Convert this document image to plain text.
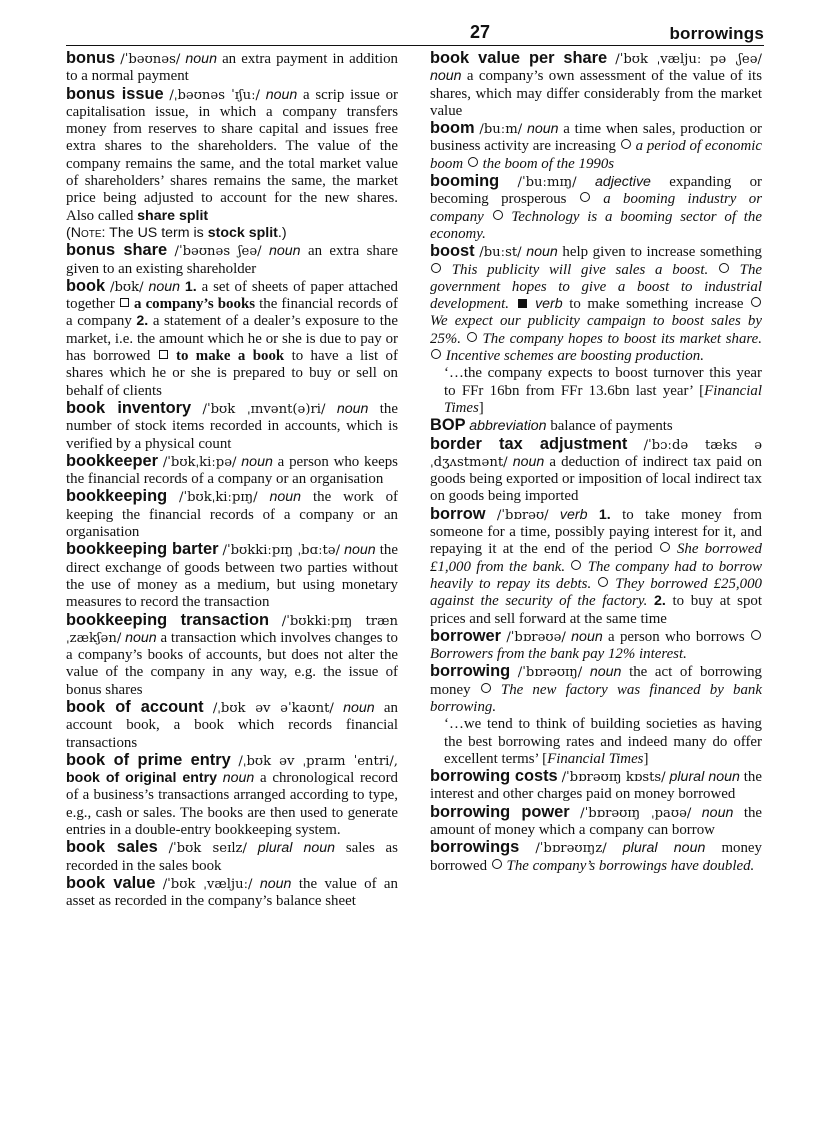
27	borrowings

bonus /ˈbəʊnəs/ noun an extra payment in addition to a normal payment

bonus issue /ˌbəʊnəs ˈɪʃuː/ noun a scrip issue or capitalisation issue, in which a company transfers money from reserves to share capital and issues free extra shares to the shareholders. The value of the company remains the same, and the total market value of shareholders’ shares remains the same, the market price being adjusted to account for the new shares. Also called share split
(Note: The US term is stock split.)

bonus share /ˈbəʊnəs ʃeə/ noun an extra share given to an existing shareholder

book /bʊk/ noun 1. a set of sheets of paper attached together a company’s books the financial records of a company 2. a statement of a dealer’s exposure to the market, i.e. the amount which he or she is due to pay or has borrowed to make a book to have a list of shares which he or she is prepared to buy or sell on behalf of clients

book inventory /ˈbʊk ˌɪnvənt(ə)ri/ noun the number of stock items recorded in accounts, which is verified by a physical count

bookkeeper /ˈbʊkˌkiːpə/ noun a person who keeps the financial records of a company or an organisation

bookkeeping /ˈbʊkˌkiːpɪŋ/ noun the work of keeping the financial records of a company or an organisation

bookkeeping barter /ˈbʊkkiːpɪŋ ˌbɑːtə/ noun the direct exchange of goods between two parties without the use of money as a medium, but using monetary measures to record the transaction

bookkeeping transaction /ˈbʊkkiːpɪŋ trænˌzækʃən/ noun a transaction which involves changes to a company’s books of accounts, but does not alter the value of the company in any way, e.g. the issue of bonus shares

book of account /ˌbʊk əv əˈkaʊnt/ noun an account book, a book which records financial transactions

book of prime entry /ˌbʊk əv ˌpraɪm ˈentri/, book of original entry noun a chronological record of a business’s transactions arranged according to type, e.g., cash or sales. The books are then used to generate entries in a double-entry bookkeeping system.

book sales /ˈbʊk seɪlz/ plural noun sales as recorded in the sales book

book value /ˈbʊk ˌvæljuː/ noun the value of an asset as recorded in the company’s balance sheet

book value per share /ˈbʊk ˌvæljuː pə ˌʃeə/ noun a company’s own assessment of the value of its shares, which may differ considerably from the market value

boom /buːm/ noun a time when sales, production or business activity are increasing a period of economic boom the boom of the 1990s

booming /ˈbuːmɪŋ/ adjective expanding or becoming prosperous a booming industry or company Technology is a booming sector of the economy.

boost /buːst/ noun help given to increase something  This publicity will give sales a boost. The government hopes to give a boost to industrial development. verb to make something increase  We expect our publicity campaign to boost sales by 25%. The company hopes to boost its market share.  Incentive schemes are boosting production.

‘…the company expects to boost turnover this year to FFr 16bn from FFr 13.6bn last year’ [Financial Times]

BOP abbreviation balance of payments

border tax adjustment /ˈbɔːdə tæks əˌdʒʌstmənt/ noun a deduction of indirect tax paid on goods being exported or imposition of local indirect tax on goods being imported

borrow /ˈbɒrəʊ/ verb 1. to take money from someone for a time, possibly paying interest for it, and repaying it at the end of the period She borrowed £1,000 from the bank. The company had to borrow heavily to repay its debts. They borrowed £25,000 against the security of the factory. 2. to buy at spot prices and sell forward at the same time

borrower /ˈbɒrəʊə/ noun a person who borrows  Borrowers from the bank pay 12% interest.

borrowing /ˈbɒrəʊɪŋ/ noun the act of borrowing money The new factory was financed by bank borrowing.

‘…we tend to think of building societies as having the best borrowing rates and indeed many do offer excellent terms’ [Financial Times]

borrowing costs /ˈbɒrəʊɪŋ kɒsts/ plural noun the interest and other charges paid on money borrowed

borrowing power /ˈbɒrəʊɪŋ ˌpaʊə/ noun the amount of money which a company can borrow

borrowings /ˈbɒrəʊɪŋz/ plural noun money borrowed The company’s borrowings have doubled.
